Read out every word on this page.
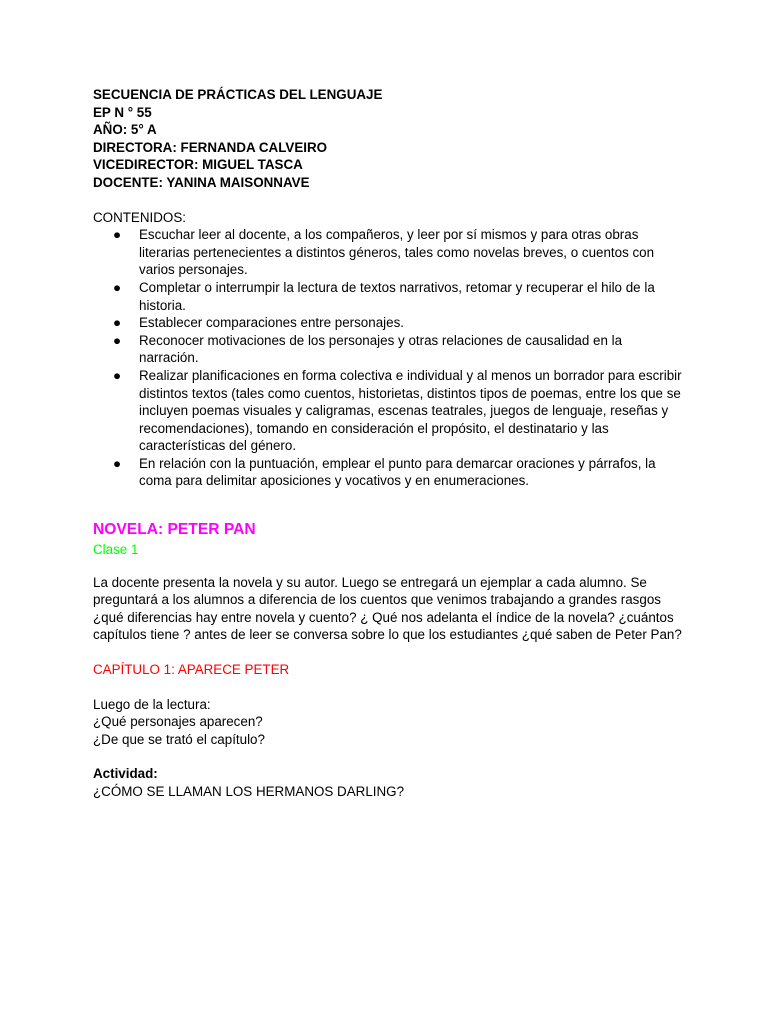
SECUENCIA DE PRÁCTICAS DEL LENGUAJE

EP N ° 55

AÑO: 5° A

DIRECTORA: FERNANDA CALVEIRO

VICEDIRECTOR: MIGUEL TASCA

DOCENTE: YANINA MAISONNAVE

CONTENIDOS:
● Escuchar leer al docente, a los compañeros, y leer por sí mismos y para otras obras literarias pertenecientes a distintos géneros, tales como novelas breves, o cuentos con varios personajes.
● Completar o interrumpir la lectura de textos narrativos, retomar y recuperar el hilo de la historia.
● Establecer comparaciones entre personajes.
● Reconocer motivaciones de los personajes y otras relaciones de causalidad en la narración.
● Realizar planificaciones en forma colectiva e individual y al menos un borrador para escribir distintos textos (tales como cuentos, historietas, distintos tipos de poemas, entre los que se incluyen poemas visuales y caligramas, escenas teatrales, juegos de lenguaje, reseñas y recomendaciones), tomando en consideración el propósito, el destinatario y las características del género.
● En relación con la puntuación, emplear el punto para demarcar oraciones y párrafos, la coma para delimitar aposiciones y vocativos y en enumeraciones.
NOVELA: PETER PAN
Clase 1

La docente presenta la novela y su autor. Luego se entregará un ejemplar a cada alumno. Se preguntará a los alumnos a diferencia de los cuentos que venimos trabajando a grandes rasgos ¿qué diferencias hay entre novela y cuento? ¿ Qué nos adelanta el índice de la novela? ¿cuántos capítulos tiene ? antes de leer se conversa sobre lo que los estudiantes ¿qué saben de Peter Pan?

CAPÍTULO 1: APARECE PETER

Luego de la lectura:

¿Qué personajes aparecen?

¿De que se trató el capítulo?

Actividad:

¿CÓMO SE LLAMAN LOS HERMANOS DARLING?
